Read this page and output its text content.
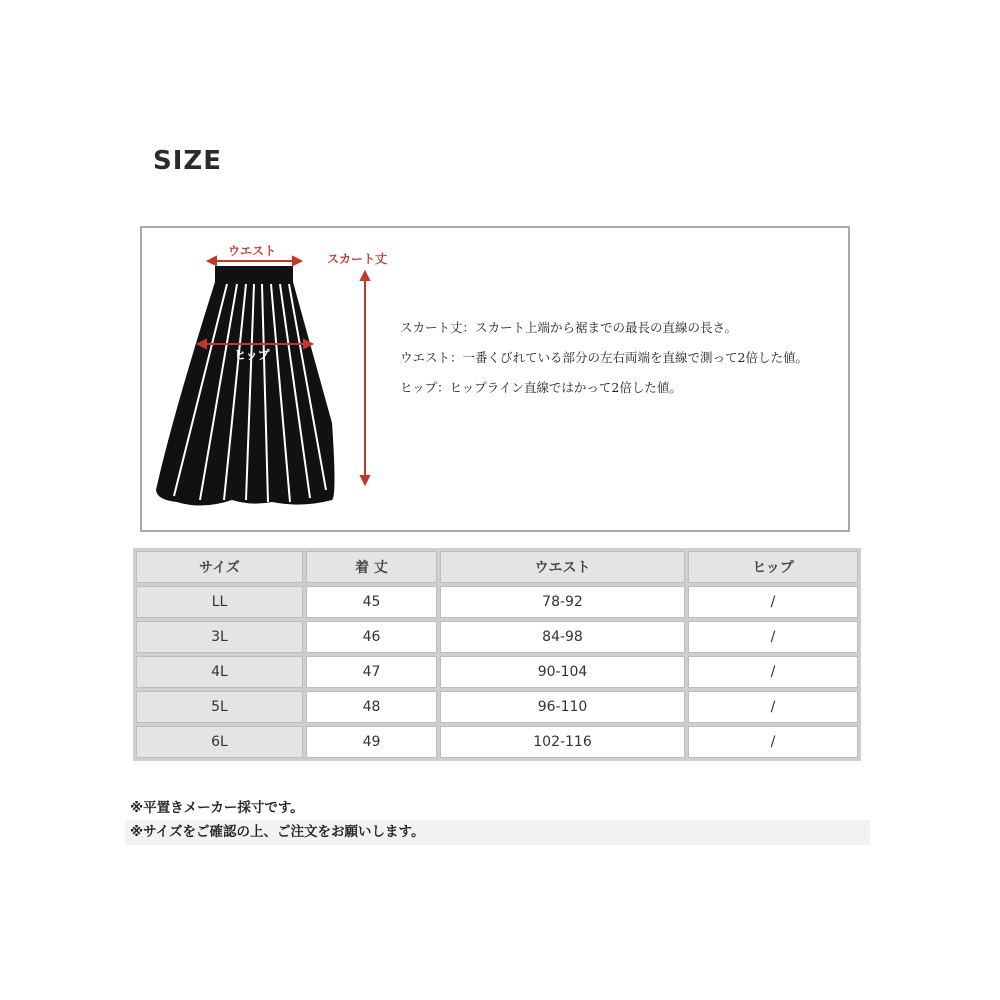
SIZE
ウエスト
スカート丈
ヒップ
スカート丈：スカート上端から裾までの最長の直線の長さ。
ウエスト：一番くびれている部分の左右両端を直線で測って2倍した値。
ヒップ：ヒップライン直線ではかって2倍した値。
サイズ	着 丈	ウエスト	ヒップ
LL	45	78-92	/
3L	46	84-98	/
4L	47	90-104	/
5L	48	96-110	/
6L	49	102-116	/
※平置きメーカー採寸です。
※サイズをご確認の上、ご注文をお願いします。
